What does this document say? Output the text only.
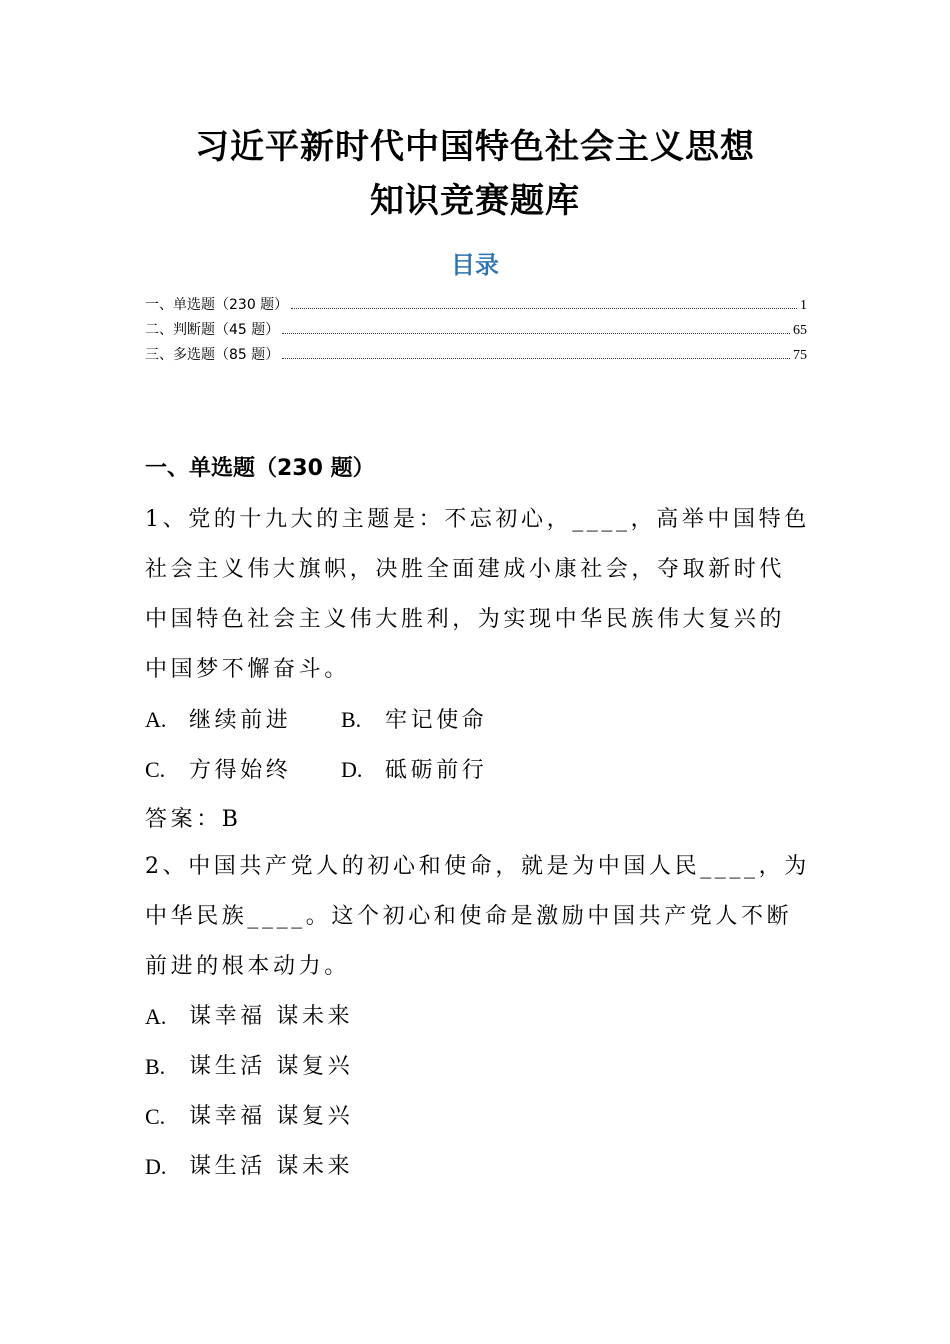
习近平新时代中国特色社会主义思想
知识竞赛题库
目录
一、单选题（230 题）	1
二、判断题（45 题）	65
三、多选题（85 题）	75
一、单选题（230 题）
1、党的十九大的主题是：不忘初心，____，高举中国特色
社会主义伟大旗帜，决胜全面建成小康社会，夺取新时代
中国特色社会主义伟大胜利，为实现中华民族伟大复兴的
中国梦不懈奋斗。
A. 继续前进	B. 牢记使命
C. 方得始终	D. 砥砺前行
答案：B
2、中国共产党人的初心和使命，就是为中国人民____，为
中华民族____。这个初心和使命是激励中国共产党人不断
前进的根本动力。
A.	谋幸福 谋未来
B.	谋生活 谋复兴
C.	谋幸福 谋复兴
D.	谋生活 谋未来
